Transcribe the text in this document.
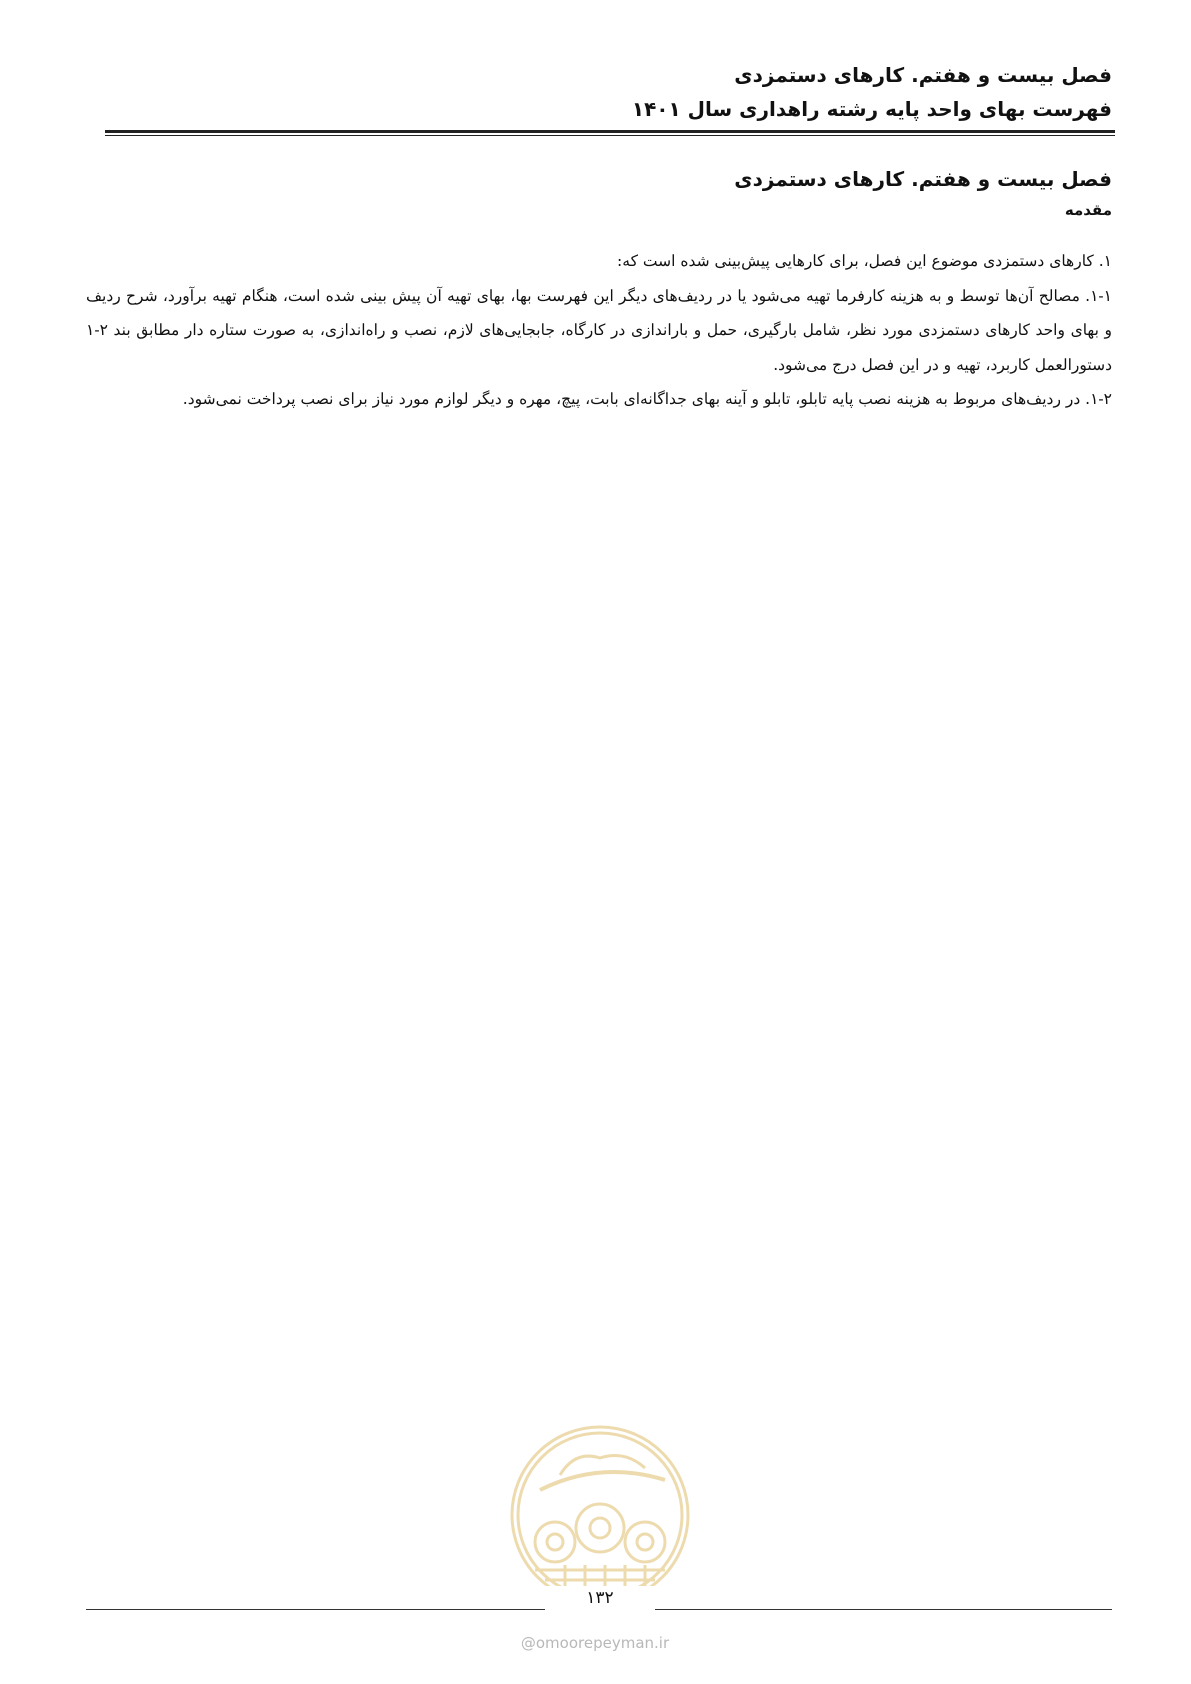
فصل بیست و هفتم. کارهای دستمزدی
فهرست بهای واحد پایه رشته راهداری سال ۱۴۰۱
فصل بیست و هفتم. کارهای دستمزدی
مقدمه

۱. کارهای دستمزدی موضوع این فصل، برای کارهایی پیش‌بینی شده است که:

۱-۱. مصالح آن‌ها توسط و به هزینه کارفرما تهیه می‌شود یا در ردیف‌های دیگر این فهرست بها، بهای تهیه آن پیش بینی شده است، هنگام تهیه برآورد، شرح ردیف و بهای واحد کارهای دستمزدی مورد نظر، شامل بارگیری، حمل و باراندازی در کارگاه، جابجایی‌های لازم، نصب و راه‌اندازی، به صورت ستاره دار مطابق بند ۲-۱ دستورالعمل کاربرد، تهیه و در این فصل درج می‌شود.

۱-۲. در ردیف‌های مربوط به هزینه نصب پایه تابلو، تابلو و آینه بهای جداگانه‌ای بابت، پیچ، مهره و دیگر لوازم مورد نیاز برای نصب پرداخت نمی‌شود.

۱۳۲
@omoorepeyman.ir
